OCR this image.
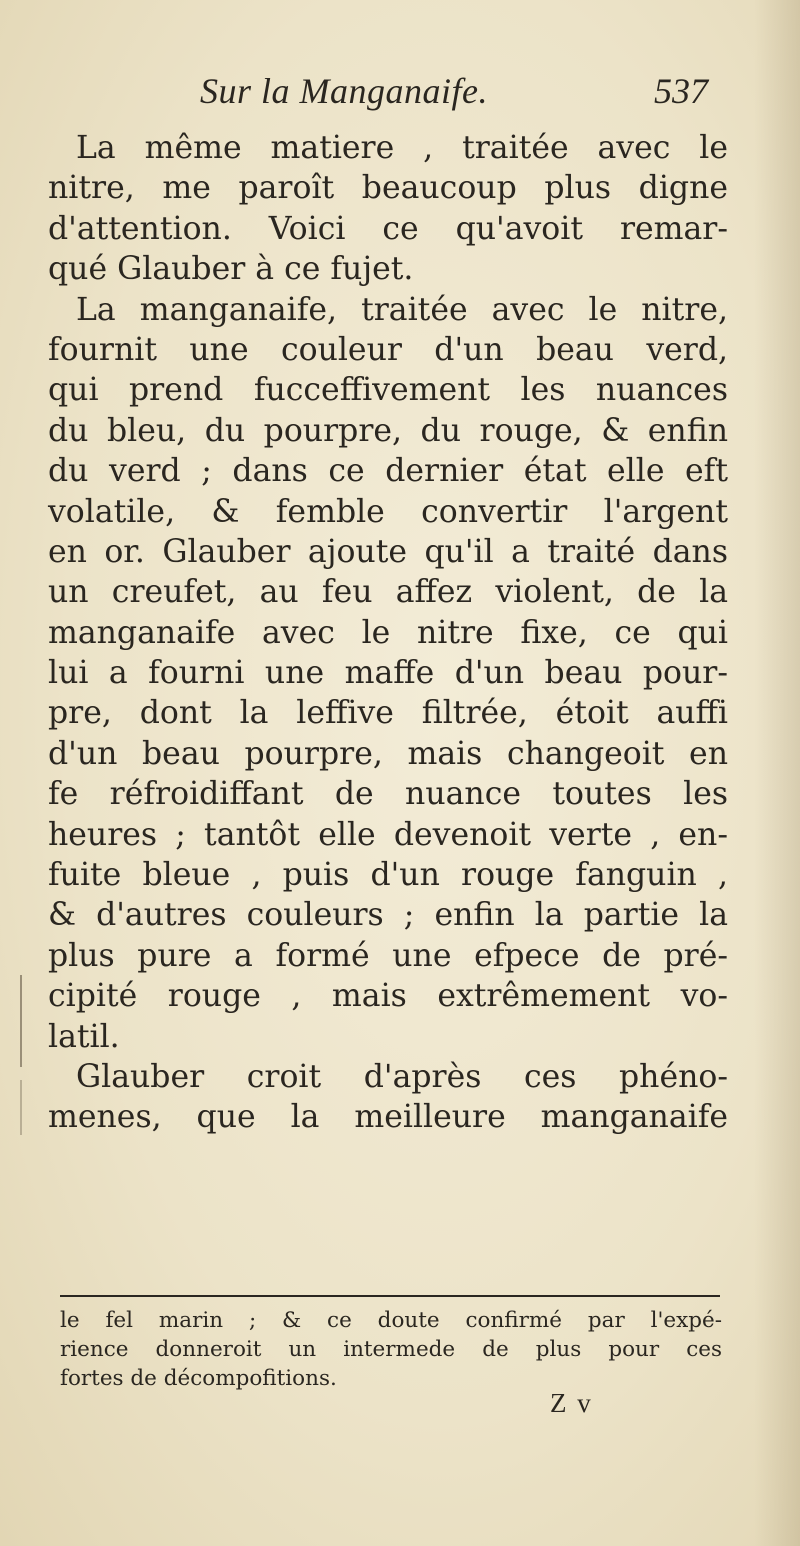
Sur la Manganaife.	537
La même matiere , traitée avec le
nitre, me paroît beaucoup plus digne
d'attention. Voici ce qu'avoit remar-
qué Glauber à ce fujet.
La manganaife, traitée avec le nitre,
fournit une couleur d'un beau verd,
qui prend fucceffivement les nuances
du bleu, du pourpre, du rouge, & enfin
du verd ; dans ce dernier état elle eft
volatile, & femble convertir l'argent
en or. Glauber ajoute qu'il a traité dans
un creufet, au feu affez violent, de la
manganaife avec le nitre fixe, ce qui
lui a fourni une maffe d'un beau pour-
pre, dont la leffive filtrée, étoit auffi
d'un beau pourpre, mais changeoit en
fe réfroidiffant de nuance toutes les
heures ; tantôt elle devenoit verte , en-
fuite bleue , puis d'un rouge fanguin ,
& d'autres couleurs ; enfin la partie la
plus pure a formé une efpece de pré-
cipité rouge , mais extrêmement vo-
latil.
Glauber croit d'après ces phéno-
menes, que la meilleure manganaife
le fel marin ; & ce doute confirmé par l'expé-
rience donneroit un intermede de plus pour ces
fortes de décompofitions.
Z v
